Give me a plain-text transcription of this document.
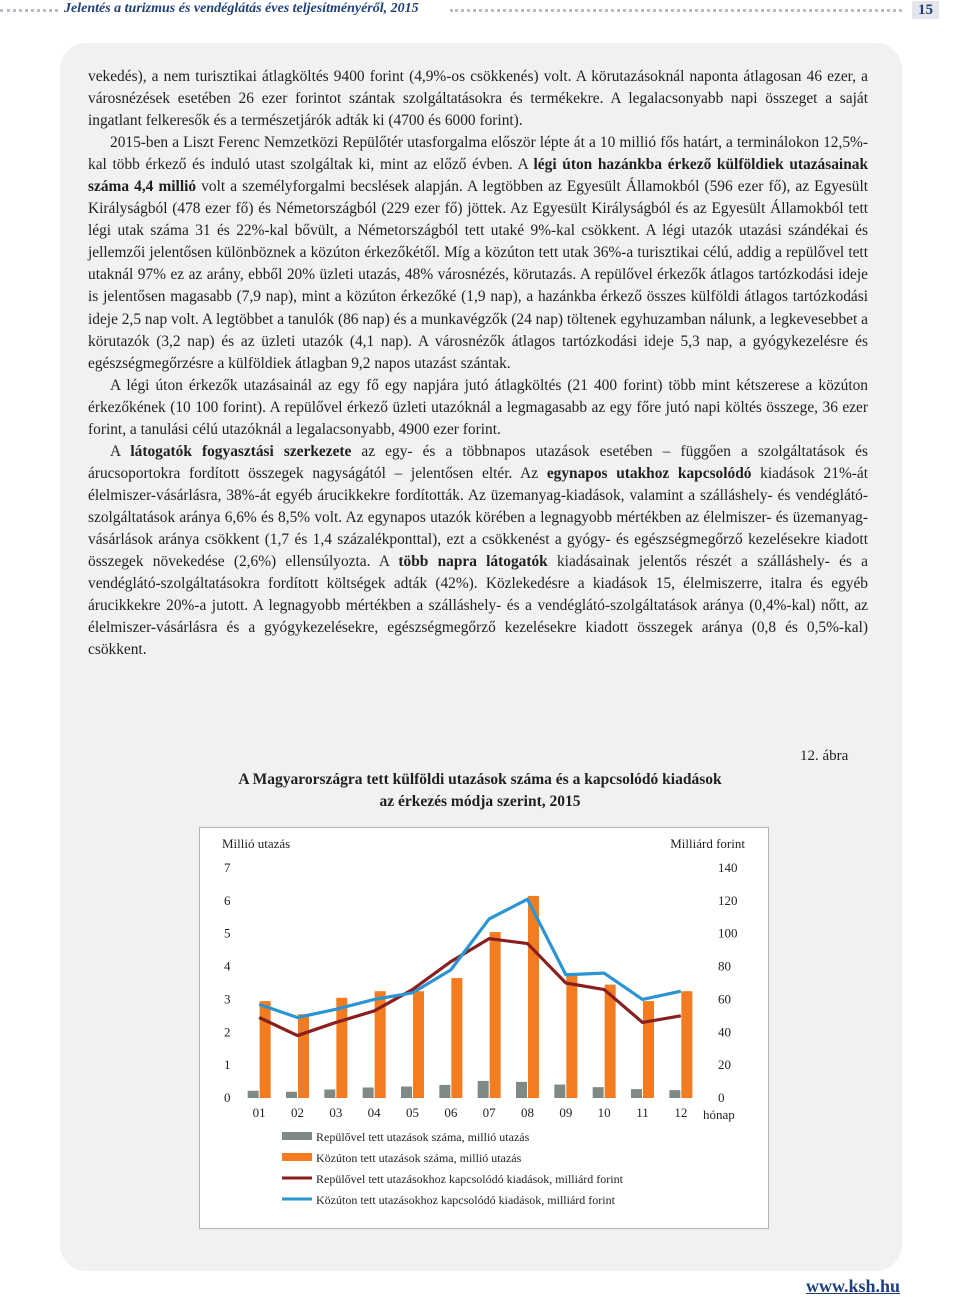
Jelentés a turizmus és vendéglátás éves teljesítményéről, 2015	15

vekedés), a nem turisztikai átlagköltés 9400 forint (4,9%-os csökkenés) volt. A körutazásoknál naponta átlagosan 46 ezer, a városnézések esetében 26 ezer forintot szántak szolgáltatásokra és termékekre. A legalacsonyabb napi összeget a saját ingatlant felkeresők és a természetjárók adták ki (4700 és 6000 forint).

2015-ben a Liszt Ferenc Nemzetközi Repülőtér utasforgalma először lépte át a 10 millió fős határt, a terminálokon 12,5%-kal több érkező és induló utast szolgáltak ki, mint az előző évben. A légi úton hazánkba érkező külföldiek utazásainak száma 4,4 millió volt a személyforgalmi becslések alapján. A legtöbben az Egyesült Államokból (596 ezer fő), az Egyesült Királyságból (478 ezer fő) és Németországból (229 ezer fő) jöttek. Az Egyesült Királyságból és az Egyesült Államokból tett légi utak száma 31 és 22%-kal bővült, a Németországból tett utaké 9%-kal csökkent. A légi utazók utazási szándékai és jellemzői jelentősen különböznek a közúton érkezőkétől. Míg a közúton tett utak 36%-a turisztikai célú, addig a repülővel tett utaknál 97% ez az arány, ebből 20% üzleti utazás, 48% városnézés, körutazás. A repülővel érkezők átlagos tartózkodási ideje is jelentősen magasabb (7,9 nap), mint a közúton érkezőké (1,9 nap), a hazánkba érkező összes külföldi átlagos tartózkodási ideje 2,5 nap volt. A legtöbbet a tanulók (86 nap) és a munkavégzők (24 nap) töltenek egyhuzamban nálunk, a legkevesebbet a körutazók (3,2 nap) és az üzleti utazók (4,1 nap). A városnézők átlagos tartózkodási ideje 5,3 nap, a gyógykezelésre és egészségmegőrzésre a külföldiek átlagban 9,2 napos utazást szántak.

A légi úton érkezők utazásainál az egy fő egy napjára jutó átlagköltés (21 400 forint) több mint kétszerese a közúton érkezőkének (10 100 forint). A repülővel érkező üzleti utazóknál a legmagasabb az egy főre jutó napi költés összege, 36 ezer forint, a tanulási célú utazóknál a legalacsonyabb, 4900 ezer forint.

A látogatók fogyasztási szerkezete az egy- és a többnapos utazások esetében – függően a szolgáltatások és árucsoportokra fordított összegek nagyságától – jelentősen eltér. Az egynapos utakhoz kapcsolódó kiadások 21%-át élelmiszer-vásárlásra, 38%-át egyéb árucikkekre fordították. Az üzemanyag-kiadások, valamint a szálláshely- és vendéglátó-szolgáltatások aránya 6,6% és 8,5% volt. Az egynapos utazók körében a legnagyobb mértékben az élelmiszer- és üzemanyag-vásárlások aránya csökkent (1,7 és 1,4 százalékponttal), ezt a csökkenést a gyógy- és egészségmegőrző kezelésekre kiadott összegek növekedése (2,6%) ellensúlyozta. A több napra látogatók kiadásainak jelentős részét a szálláshely- és a vendéglátó-szolgáltatásokra fordított költségek adták (42%). Közlekedésre a kiadások 15, élelmiszerre, italra és egyéb árucikkekre 20%-a jutott. A legnagyobb mértékben a szálláshely- és a vendéglátó-szolgáltatások aránya (0,4%-kal) nőtt, az élelmiszer-vásárlásra és a gyógykezelésekre, egészségmegőrző kezelésekre kiadott összegek aránya (0,8 és 0,5%-kal) csökkent.

12. ábra
A Magyarországra tett külföldi utazások száma és a kapcsolódó kiadások
az érkezés módja szerint, 2015
Millió utazás	Milliárd forint
0
1
2
3
4
5
6
7
0
20
40
60
80
100
120
140
01 02 03 04 05 06 07 08 09 10 11 12 hónap
Repülővel tett utazások száma, millió utazás
Közúton tett utazások száma, millió utazás
Repülővel tett utazásokhoz kapcsolódó kiadások, milliárd forint
Közúton tett utazásokhoz kapcsolódó kiadások, milliárd forint
www.ksh.hu
